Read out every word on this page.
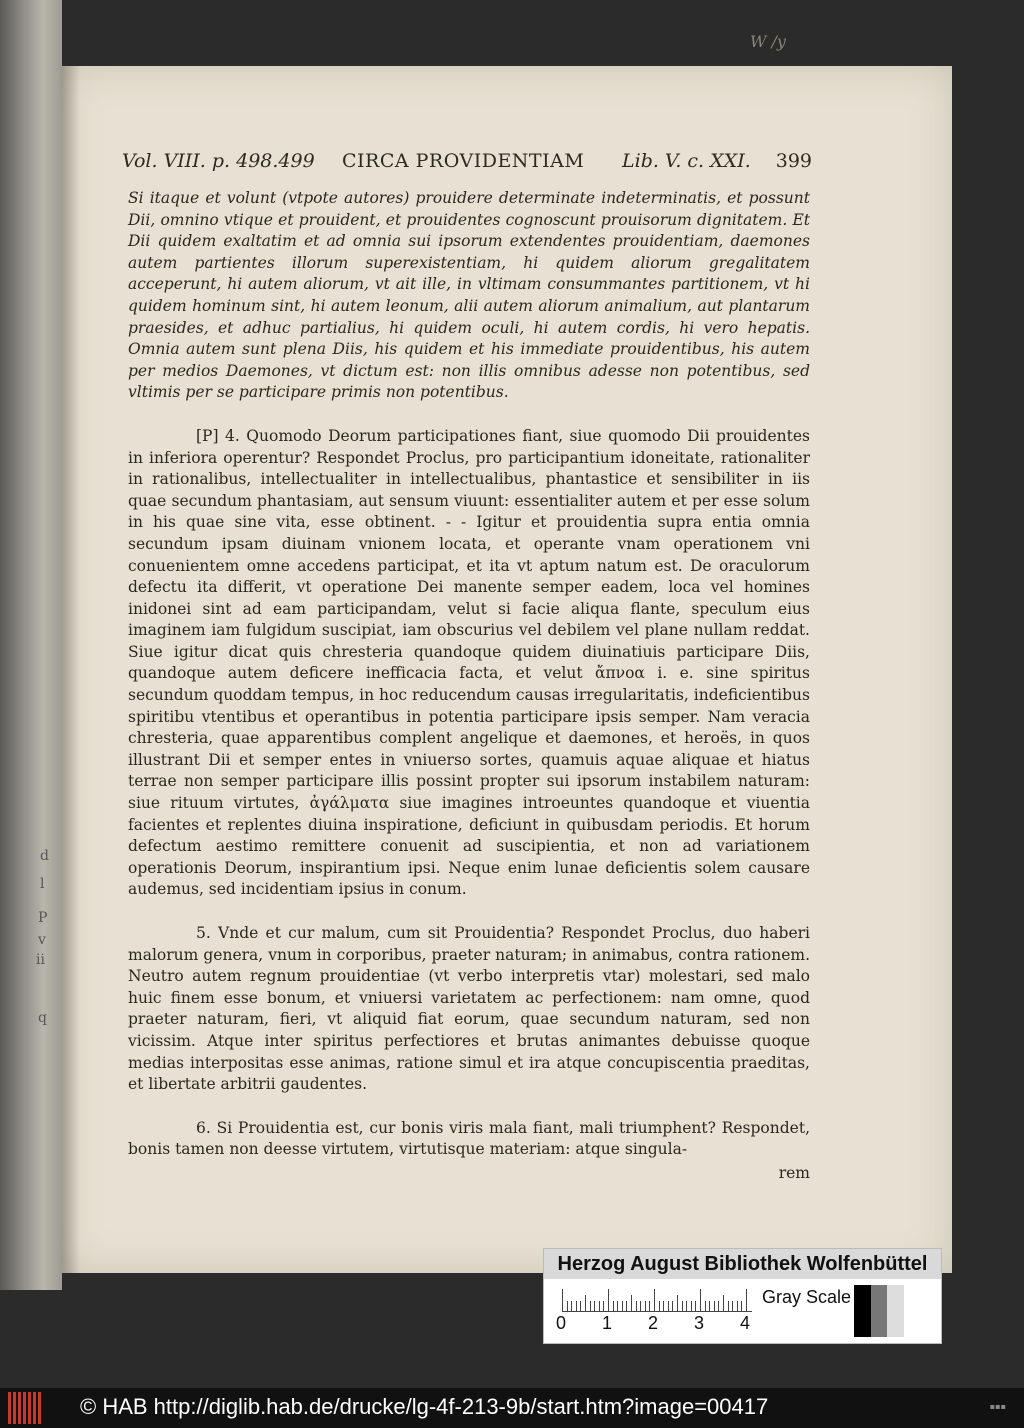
d
l
P
v
ii
q
W /y
Vol. VIII. p. 498.499 CIRCA PROVIDENTIAM Lib. V. c. XXI. 399

Si itaque et volunt (vtpote autores) prouidere determinate indeterminatis, et possunt Dii, omnino vtique et prouident, et prouidentes cognoscunt prouisorum dignitatem. Et Dii quidem exaltatim et ad omnia sui ipsorum extendentes prouidentiam, daemones autem partientes illorum superexistentiam, hi quidem aliorum gregalitatem acceperunt, hi autem aliorum, vt ait ille, in vltimam consummantes partitionem, vt hi quidem hominum sint, hi autem leonum, alii autem aliorum animalium, aut plantarum praesides, et adhuc partialius, hi quidem oculi, hi autem cordis, hi vero hepatis. Omnia autem sunt plena Diis, his quidem et his immediate prouidentibus, his autem per medios Daemones, vt dictum est: non illis omnibus adesse non potentibus, sed vltimis per se participare primis non potentibus.

[P] 4. Quomodo Deorum participationes fiant, siue quomodo Dii prouidentes in inferiora operentur? Respondet Proclus, pro participantium idoneitate, rationaliter in rationalibus, intellectualiter in intellectualibus, phantastice et sensibiliter in iis quae secundum phantasiam, aut sensum viuunt: essentialiter autem et per esse solum in his quae sine vita, esse obtinent. - - Igitur et prouidentia supra entia omnia secundum ipsam diuinam vnionem locata, et operante vnam operationem vni conuenientem omne accedens participat, et ita vt aptum natum est. De oraculorum defectu ita differit, vt operatione Dei manente semper eadem, loca vel homines inidonei sint ad eam participandam, velut si facie aliqua flante, speculum eius imaginem iam fulgidum suscipiat, iam obscurius vel debilem vel plane nullam reddat. Siue igitur dicat quis chresteria quandoque quidem diuinatiuis participare Diis, quandoque autem deficere inefficacia facta, et velut ἄπνοα i. e. sine spiritus secundum quoddam tempus, in hoc reducendum causas irregularitatis, indeficientibus spiritibu vtentibus et operantibus in potentia participare ipsis semper. Nam veracia chresteria, quae apparentibus complent angelique et daemones, et heroës, in quos illustrant Dii et semper entes in vniuerso sortes, quamuis aquae aliquae et hiatus terrae non semper participare illis possint propter sui ipsorum instabilem naturam: siue rituum virtutes, ἀγάλματα siue imagines introeuntes quandoque et viuentia facientes et replentes diuina inspiratione, deficiunt in quibusdam periodis. Et horum defectum aestimo remittere conuenit ad suscipientia, et non ad variationem operationis Deorum, inspirantium ipsi. Neque enim lunae deficientis solem causare audemus, sed incidentiam ipsius in conum.

5. Vnde et cur malum, cum sit Prouidentia? Respondet Proclus, duo haberi malorum genera, vnum in corporibus, praeter naturam; in animabus, contra rationem. Neutro autem regnum prouidentiae (vt verbo interpretis vtar) molestari, sed malo huic finem esse bonum, et vniuersi varietatem ac perfectionem: nam omne, quod praeter naturam, fieri, vt aliquid fiat eorum, quae secundum naturam, sed non vicissim. Atque inter spiritus perfectiores et brutas animantes debuisse quoque medias interpositas esse animas, ratione simul et ira atque concupiscentia praeditas, et libertate arbitrii gaudentes.

6. Si Prouidentia est, cur bonis viris mala fiant, mali triumphent? Respondet, bonis tamen non deesse virtutem, virtutisque materiam: atque singula-

rem
Herzog August Bibliothek Wolfenbüttel
0 1 2 3 4
Gray Scale
© HAB http://diglib.hab.de/drucke/lg-4f-213-9b/start.htm?image=00417	▪▪▪
